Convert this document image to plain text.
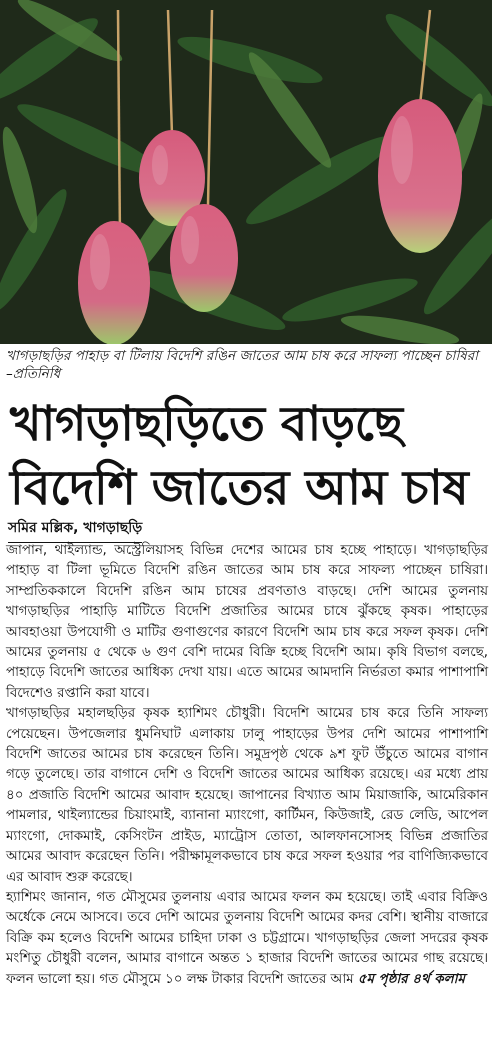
খাগড়াছড়ির পাহাড় বা টিলায় বিদেশি রঙিন জাতের আম চাষ করে সাফল্য পাচ্ছেন চাষিরা –প্রতিনিধি
খাগড়াছড়িতে বাড়ছে
বিদেশি জাতের আম চাষ
সমির মল্লিক, খাগড়াছড়ি

জাপান, থাইল্যান্ড, অস্ট্রেলিয়াসহ বিভিন্ন দেশের আমের চাষ হচ্ছে পাহাড়ে। খাগড়াছড়ির পাহাড় বা টিলা ভূমিতে বিদেশি রঙিন জাতের আম চাষ করে সাফল্য পাচ্ছেন চাষিরা। সাম্প্রতিককালে বিদেশি রঙিন আম চাষের প্রবণতাও বাড়ছে। দেশি আমের তুলনায় খাগড়াছড়ির পাহাড়ি মাটিতে বিদেশি প্রজাতির আমের চাষে ঝুঁকছে কৃষক। পাহাড়ের আবহাওয়া উপযোগী ও মাটির গুণাগুণের কারণে বিদেশি আম চাষ করে সফল কৃষক। দেশি আমের তুলনায় ৫ থেকে ৬ গুণ বেশি দামের বিক্রি হচ্ছে বিদেশি আম। কৃষি বিভাগ বলছে, পাহাড়ে বিদেশি জাতের আধিক্য দেখা যায়। এতে আমের আমদানি নির্ভরতা কমার পাশাপাশি বিদেশেও রপ্তানি করা যাবে।

খাগড়াছড়ির মহালছড়ির কৃষক হ্যাশিমং চৌধুরী। বিদেশি আমের চাষ করে তিনি সাফল্য পেয়েছেন। উপজেলার ধুমনিঘাট এলাকায় ঢালু পাহাড়ের উপর দেশি আমের পাশাপাশি বিদেশি জাতের আমের চাষ করেছেন তিনি। সমুদ্রপৃষ্ঠ থেকে ৯শ ফুট উঁচুতে আমের বাগান গড়ে তুলেছে। তার বাগানে দেশি ও বিদেশি জাতের আমের আধিক্য রয়েছে। এর মধ্যে প্রায় ৪০ প্রজাতি বিদেশি আমের আবাদ হয়েছে। জাপানের বিখ্যাত আম মিয়াজাকি, আমেরিকান পামলার, থাইল্যান্ডের চিয়াংমাই, ব্যানানা ম্যাংগো, কার্টিমন, কিউজাই, রেড লেডি, আপেল ম্যাংগো, দোকমাই, কেসিংটন প্রাইড, ম্যাট্রোস তোতা, আলফানসোসহ বিভিন্ন প্রজাতির আমের আবাদ করেছেন তিনি। পরীক্ষামূলকভাবে চাষ করে সফল হওয়ার পর বাণিজ্যিকভাবে এর আবাদ শুরু করেছে।

হ্যাশিমং জানান, গত মৌসুমের তুলনায় এবার আমের ফলন কম হয়েছে। তাই এবার বিক্রিও অর্ধেকে নেমে আসবে। তবে দেশি আমের তুলনায় বিদেশি আমের কদর বেশি। স্থানীয় বাজারে বিক্রি কম হলেও বিদেশি আমের চাহিদা ঢাকা ও চট্টগ্রামে। খাগড়াছড়ির জেলা সদরের কৃষক মংশিতু চৌধুরী বলেন, আমার বাগানে অন্তত ১ হাজার বিদেশি জাতের আমের গাছ রয়েছে। ফলন ভালো হয়। গত মৌসুমে ১০ লক্ষ টাকার বিদেশি জাতের আম ৫ম পৃষ্ঠার ৪র্থ কলাম
